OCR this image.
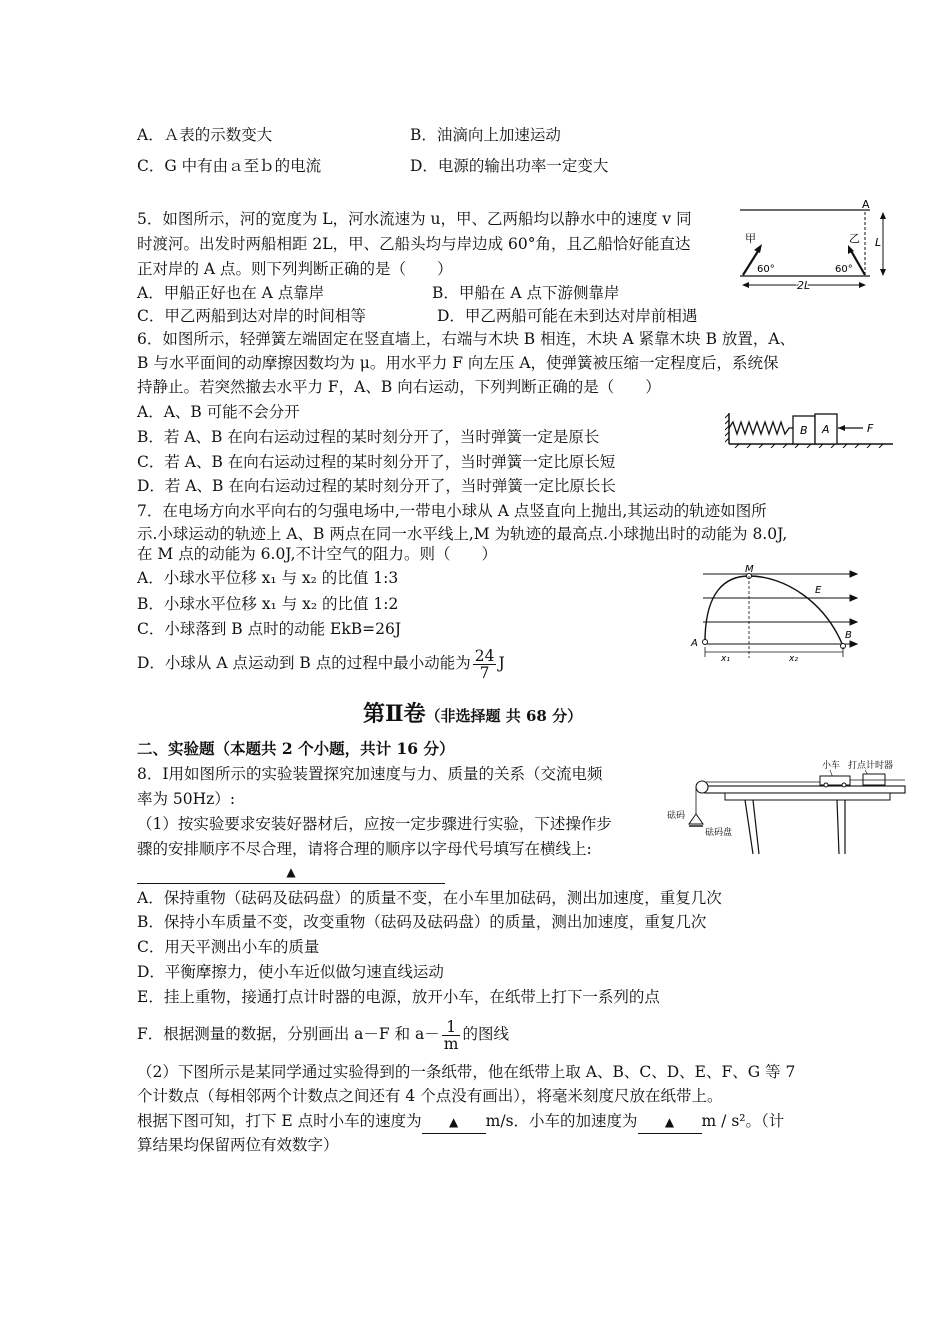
A．Ａ表的示数变大	B．油滴向上加速运动
C．G 中有由ａ至ｂ的电流	D．电源的输出功率一定变大
5．如图所示，河的宽度为 L，河水流速为 u，甲、乙两船均以静水中的速度 v 同
时渡河。出发时两船相距 2L，甲、乙船头均与岸边成 60°角，且乙船恰好能直达
正对岸的 A 点。则下列判断正确的是（　　）
A．甲船正好也在 A 点靠岸	B．甲船在 A 点下游侧靠岸
C．甲乙两船到达对岸的时间相等	D．甲乙两船可能在未到达对岸前相遇
A
L
甲
60°
乙
60°
2L
6．如图所示，轻弹簧左端固定在竖直墙上，右端与木块 B 相连，木块 A 紧靠木块 B 放置，A、
B 与水平面间的动摩擦因数均为 μ。用水平力 F 向左压 A，使弹簧被压缩一定程度后，系统保
持静止。若突然撤去水平力 F，A、B 向右运动，下列判断正确的是（　　）
A．A、B 可能不会分开
B．若 A、B 在向右运动过程的某时刻分开了，当时弹簧一定是原长
C．若 A、B 在向右运动过程的某时刻分开了，当时弹簧一定比原长短
D．若 A、B 在向右运动过程的某时刻分开了，当时弹簧一定比原长长
B A	F
7．在电场方向水平向右的匀强电场中,一带电小球从 A 点竖直向上抛出,其运动的轨迹如图所
示.小球运动的轨迹上 A、B 两点在同一水平线上,M 为轨迹的最高点.小球抛出时的动能为 8.0J,
在 M 点的动能为 6.0J,不计空气的阻力。则（　　）
A．小球水平位移 x₁ 与 x₂ 的比值 1:3
B．小球水平位移 x₁ 与 x₂ 的比值 1:2
C．小球落到 B 点时的动能 EkB=26J
D．小球从 A 点运动到 B 点的过程中最小动能为 $\frac{24}{7}$ J
E
A
M
B
x₁	x₂
第Ⅱ卷（非选择题 共 68 分）
二、实验题（本题共 2 个小题，共计 16 分）
8．Ⅰ用如图所示的实验装置探究加速度与力、质量的关系（交流电频
率为 50Hz）:
（1）按实验要求安装好器材后，应按一定步骤进行实验，下述操作步
骤的安排顺序不尽合理，请将合理的顺序以字母代号填写在横线上:
▲
小车 打点计时器
砝码
砝码盘
A．保持重物（砝码及砝码盘）的质量不变，在小车里加砝码，测出加速度，重复几次
B．保持小车质量不变，改变重物（砝码及砝码盘）的质量，测出加速度，重复几次
C．用天平测出小车的质量
D．平衡摩擦力，使小车近似做匀速直线运动
E．挂上重物，接通打点计时器的电源，放开小车，在纸带上打下一系列的点
F．根据测量的数据，分别画出 a－F 和 $a- \frac{1}{m}$ 的图线
（2）下图所示是某同学通过实验得到的一条纸带，他在纸带上取 A、B、C、D、E、F、G 等 7
个计数点（每相邻两个计数点之间还有 4 个点没有画出），将毫米刻度尺放在纸带上。
根据下图可知，打下 E 点时小车的速度为 ▲ m/s．小车的加速度为 ▲ m / s²。（计
算结果均保留两位有效数字）
